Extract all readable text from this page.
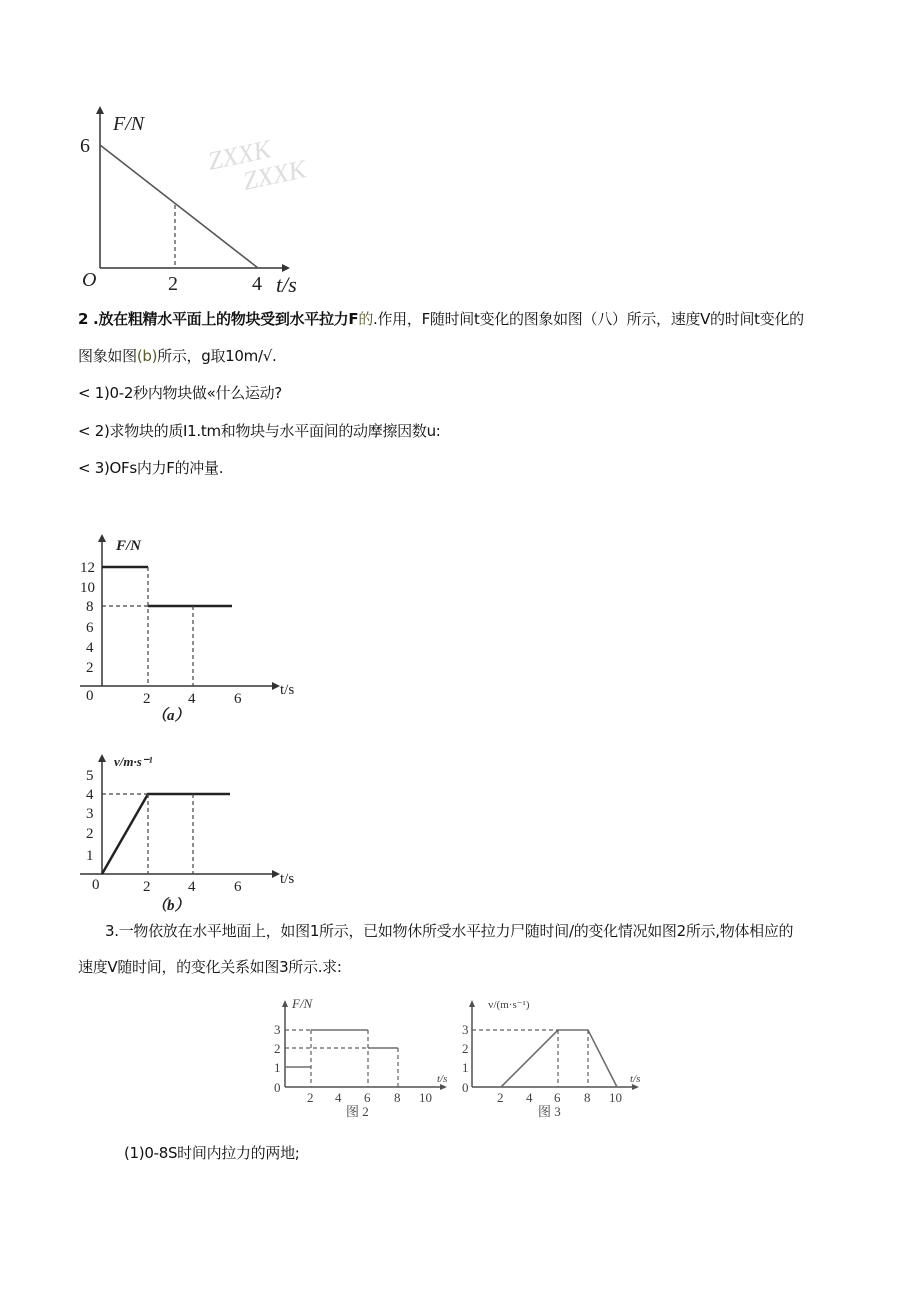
ZXXK
ZXXK
F/N
6
O	2	4 t/s
F/N
12
10
8
6
4
2
0	2	4	6
t/s
（a）
v/m·s⁻¹
5
4
3
2
1
0	2	4	6	t/s
（b）
F/N
3
2
1
0
2 4 6 8 10
t/s
图 2
v/(m·s⁻¹)
3
2
1
0
2 4 6 8 10
t/s
图 3
2 .放在粗精水平面上的物块受到水平拉力F的.作用，F随时间t变化的图象如图（八）所示，速度V的时间t变化的
图象如图(b)所示，g取10m/√.
< 1)0-2秒内物块做«什么运动?
< 2)求物块的质I1.tm和物块与水平面间的动摩擦因数u:
< 3)OFs内力F的冲量.
3.一物依放在水平地面上，如图1所示，已如物休所受水平拉力尸随时间/的变化情况如图2所示,物体相应的
速度V随时间，的变化关系如图3所示.求:
(1)0-8S时间内拉力的两地;
